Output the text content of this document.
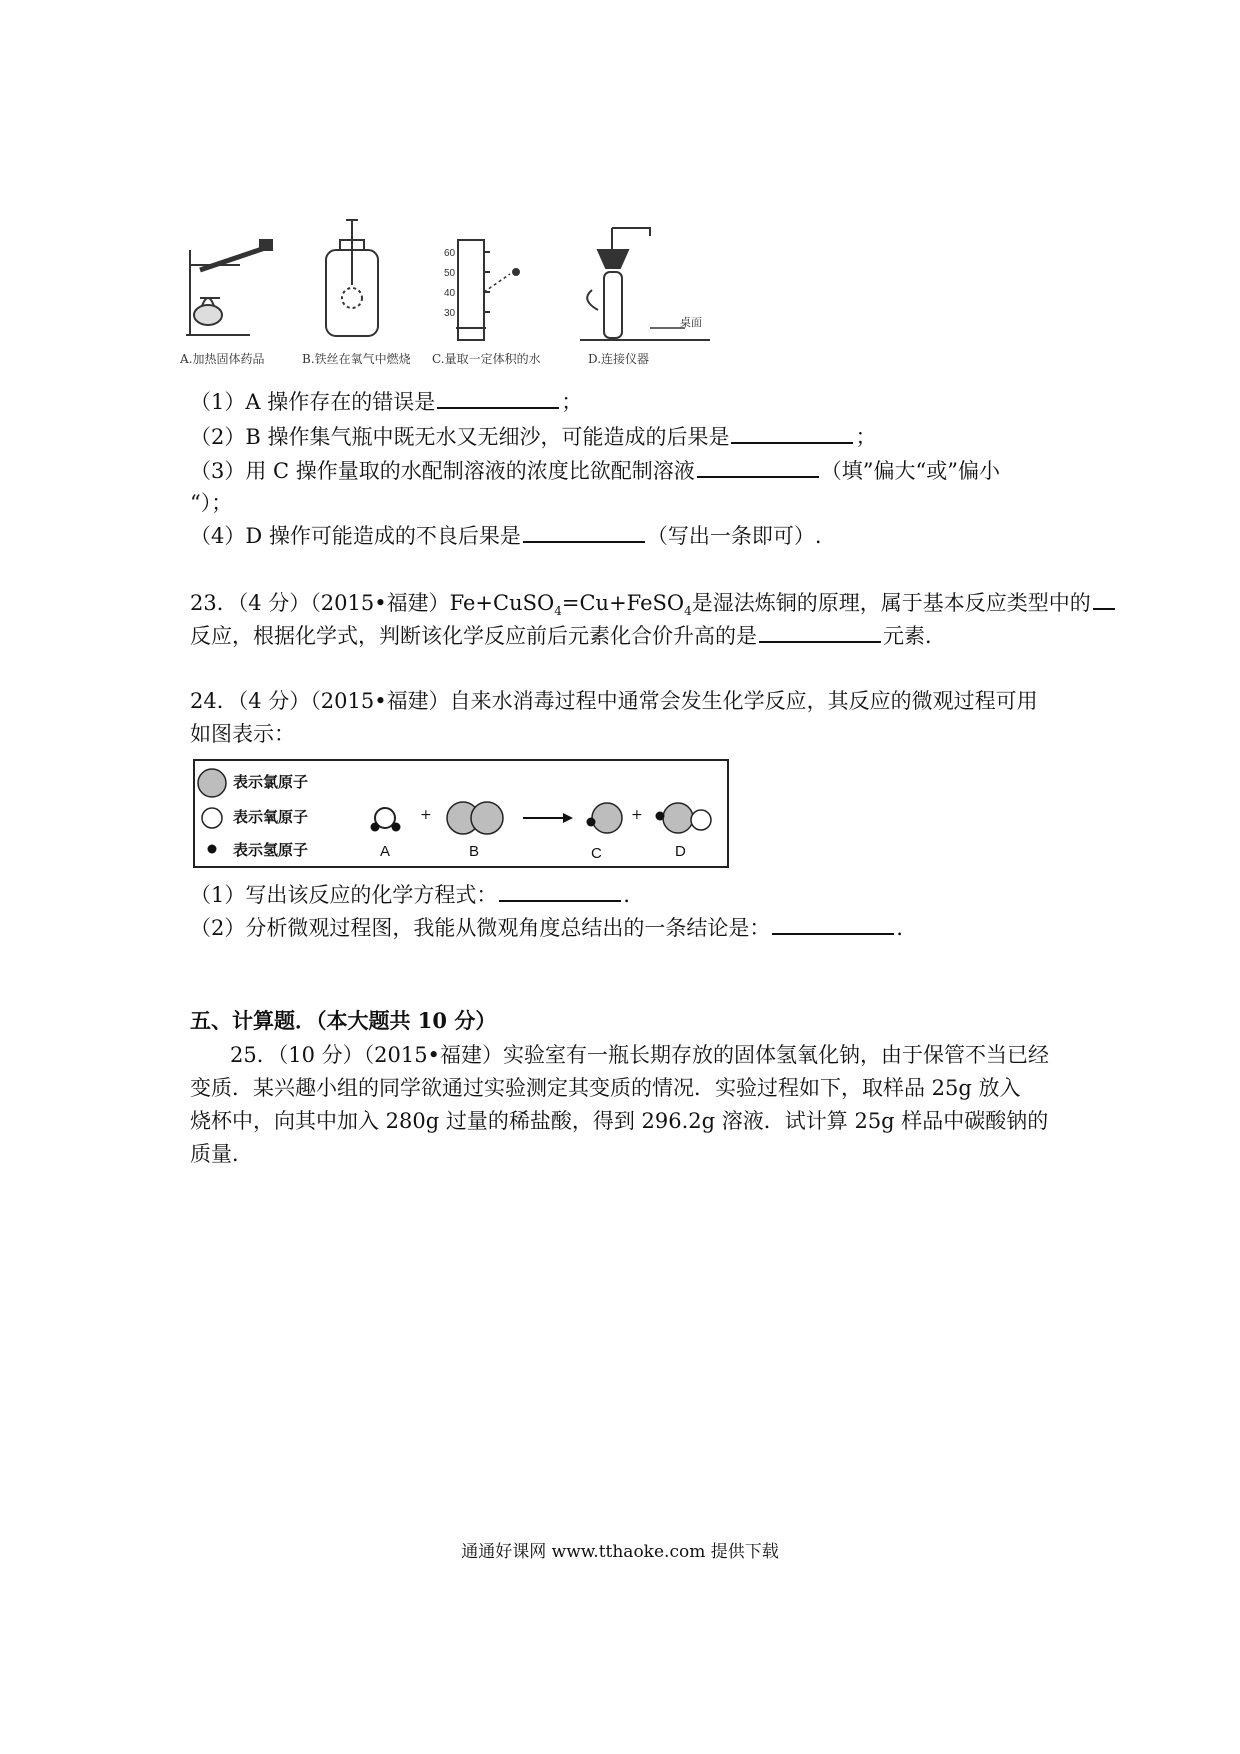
60
50
40
30
桌面
A.加热固体药品	B.铁丝在氧气中燃烧 C.量取一定体积的水	D.连接仪器
（1）A 操作存在的错误是	；
（2）B 操作集气瓶中既无水又无细沙，可能造成的后果是	；
（3）用 C 操作量取的水配制溶液的浓度比欲配制溶液	（填”偏大“或”偏小
“）；
（4）D 操作可能造成的不良后果是	（写出一条即可）.
23．（4 分）（2015•福建）Fe+CuSO$_4$=Cu+FeSO$_4$是湿法炼铜的原理，属于基本反应类型中的
反应，根据化学式，判断该化学反应前后元素化合价升高的是	元素．
24．（4 分）（2015•福建）自来水消毒过程中通常会发生化学反应，其反应的微观过程可用
如图表示：
表示氯原子
表示氧原子
表示氢原子
+	+
A	B	C	D
（1）写出该反应的化学方程式：	．
（2）分析微观过程图，我能从微观角度总结出的一条结论是：	．
五、计算题．（本大题共 10 分）
25．（10 分）（2015•福建）实验室有一瓶长期存放的固体氢氧化钠，由于保管不当已经
变质．某兴趣小组的同学欲通过实验测定其变质的情况．实验过程如下，取样品 25g 放入
烧杯中，向其中加入 280g 过量的稀盐酸，得到 296.2g 溶液．试计算 25g 样品中碳酸钠的
质量．
通通好课网 www.tthaoke.com 提供下载
